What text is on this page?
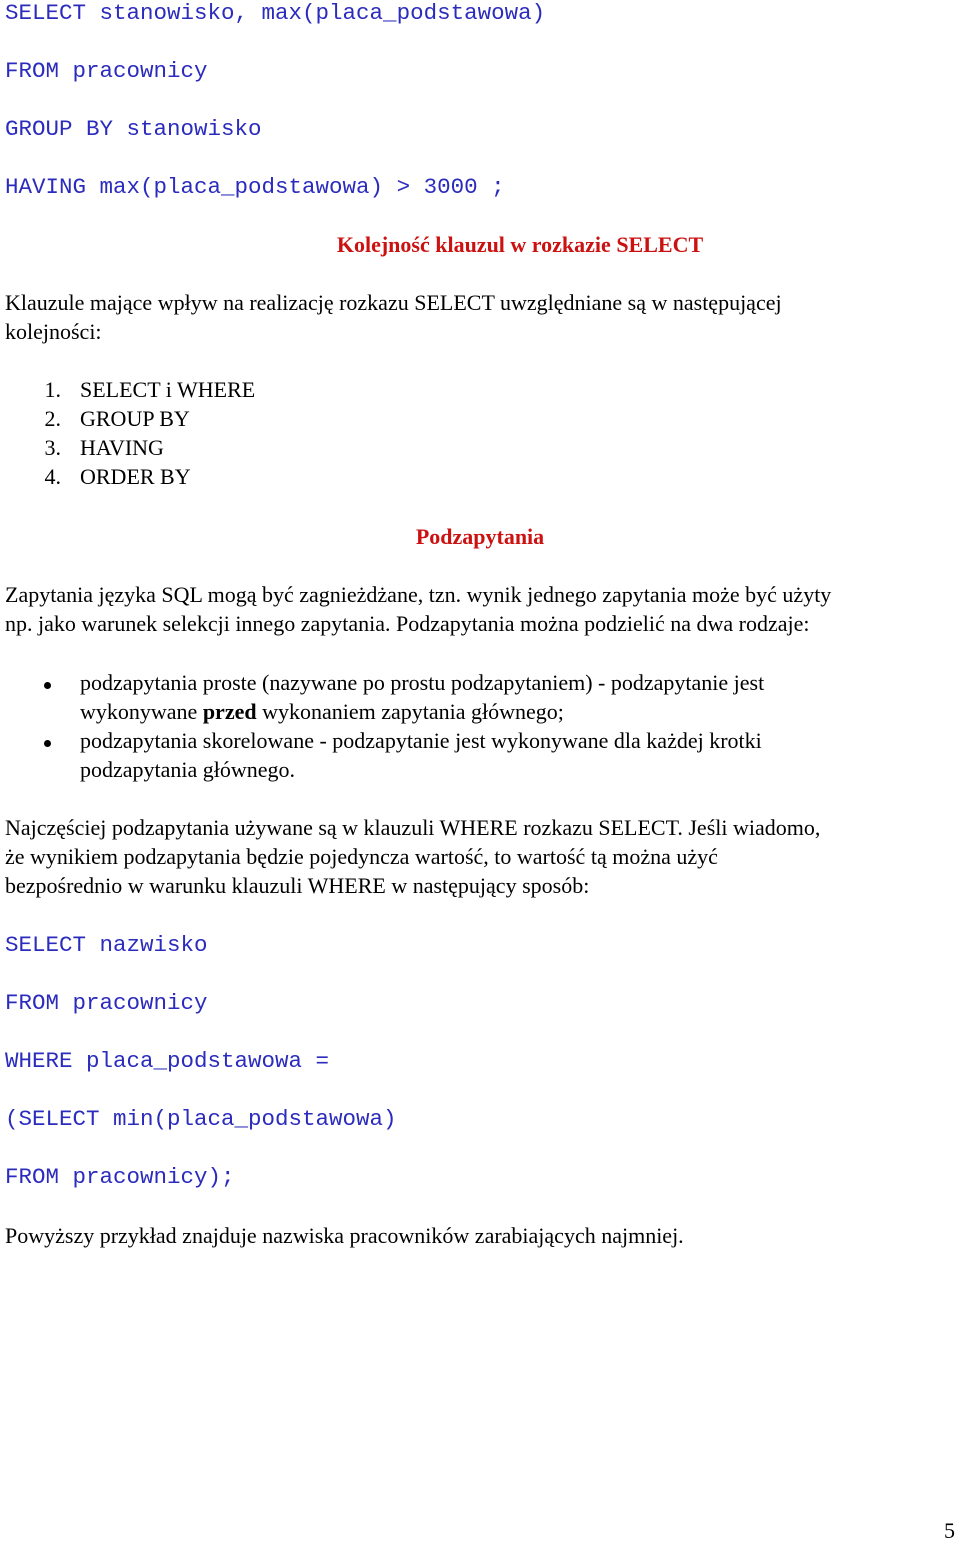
SELECT stanowisko, max(placa_podstawowa)
FROM pracownicy
GROUP BY stanowisko
HAVING max(placa_podstawowa) > 3000 ;
Kolejność klauzul w rozkazie SELECT
Klauzule mające wpływ na realizację rozkazu SELECT uwzględniane są w następującej
kolejności:
1. SELECT i WHERE
2. GROUP BY
3. HAVING
4. ORDER BY
Podzapytania
Zapytania języka SQL mogą być zagnieżdżane, tzn. wynik jednego zapytania może być użyty
np. jako warunek selekcji innego zapytania. Podzapytania można podzielić na dwa rodzaje:
podzapytania proste (nazywane po prostu podzapytaniem) - podzapytanie jest
wykonywane przed wykonaniem zapytania głównego;
podzapytania skorelowane - podzapytanie jest wykonywane dla każdej krotki
podzapytania głównego.
Najczęściej podzapytania używane są w klauzuli WHERE rozkazu SELECT. Jeśli wiadomo,
że wynikiem podzapytania będzie pojedyncza wartość, to wartość tą można użyć
bezpośrednio w warunku klauzuli WHERE w następujący sposób:
SELECT nazwisko
FROM pracownicy
WHERE placa_podstawowa =
(SELECT min(placa_podstawowa)
FROM pracownicy);
Powyższy przykład znajduje nazwiska pracowników zarabiających najmniej.
5
